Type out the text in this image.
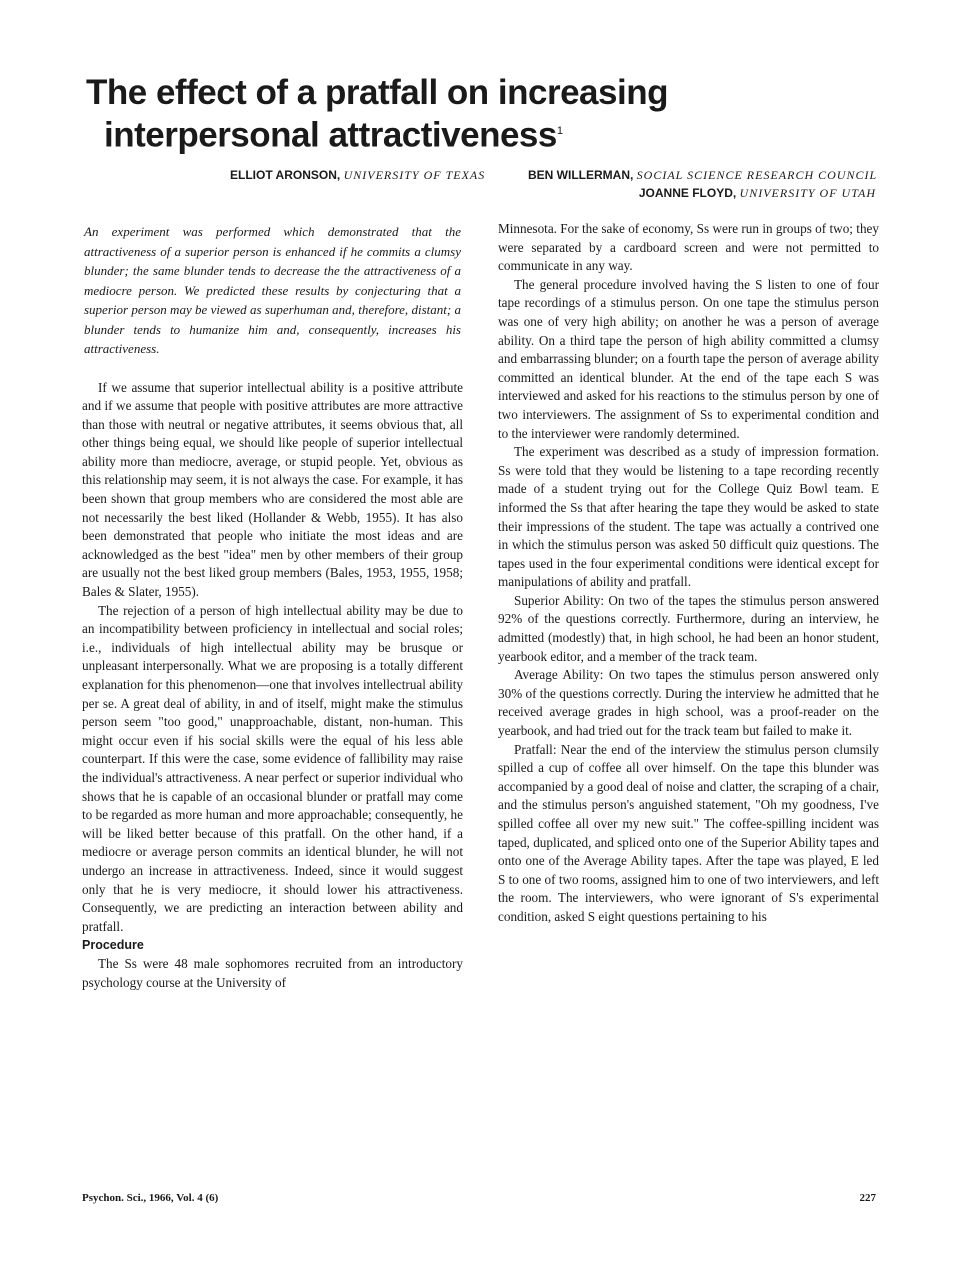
The effect of a pratfall on increasing
interpersonal attractiveness$^1$
ELLIOT ARONSON, UNIVERSITY OF TEXAS	BEN WILLERMAN, SOCIAL SCIENCE RESEARCH COUNCIL
JOANNE FLOYD, UNIVERSITY OF UTAH
An experiment was performed which demonstrated that the attractiveness of a superior person is enhanced if he commits a clumsy blunder; the same blunder tends to decrease the the attractiveness of a mediocre person. We predicted these results by conjecturing that a superior person may be viewed as superhuman and, therefore, distant; a blunder tends to humanize him and, consequently, increases his attractiveness.

If we assume that superior intellectual ability is a positive attribute and if we assume that people with positive attributes are more attractive than those with neutral or negative attributes, it seems obvious that, all other things being equal, we should like people of superior intellectual ability more than mediocre, average, or stupid people. Yet, obvious as this relationship may seem, it is not always the case. For example, it has been shown that group members who are considered the most able are not necessarily the best liked (Hollander & Webb, 1955). It has also been demonstrated that people who initiate the most ideas and are acknowledged as the best "idea" men by other members of their group are usually not the best liked group members (Bales, 1953, 1955, 1958; Bales & Slater, 1955).

The rejection of a person of high intellectual ability may be due to an incompatibility between proficiency in intellectual and social roles; i.e., individuals of high intellectual ability may be brusque or unpleasant interpersonally. What we are proposing is a totally different explanation for this phenomenon—one that involves intellectrual ability per se. A great deal of ability, in and of itself, might make the stimulus person seem "too good," unapproachable, distant, non-human. This might occur even if his social skills were the equal of his less able counterpart. If this were the case, some evidence of fallibility may raise the individual's attractiveness. A near perfect or superior individual who shows that he is capable of an occasional blunder or pratfall may come to be regarded as more human and more approachable; consequently, he will be liked better because of this pratfall. On the other hand, if a mediocre or average person commits an identical blunder, he will not undergo an increase in attractiveness. Indeed, since it would suggest only that he is very mediocre, it should lower his attractiveness. Consequently, we are predicting an interaction between ability and pratfall.

Procedure

The Ss were 48 male sophomores recruited from an introductory psychology course at the University of

Minnesota. For the sake of economy, Ss were run in groups of two; they were separated by a cardboard screen and were not permitted to communicate in any way.

The general procedure involved having the S listen to one of four tape recordings of a stimulus person. On one tape the stimulus person was one of very high ability; on another he was a person of average ability. On a third tape the person of high ability committed a clumsy and embarrassing blunder; on a fourth tape the person of average ability committed an identical blunder. At the end of the tape each S was interviewed and asked for his reactions to the stimulus person by one of two interviewers. The assignment of Ss to experimental condition and to the interviewer were randomly determined.

The experiment was described as a study of impression formation. Ss were told that they would be listening to a tape recording recently made of a student trying out for the College Quiz Bowl team. E informed the Ss that after hearing the tape they would be asked to state their impressions of the student. The tape was actually a contrived one in which the stimulus person was asked 50 difficult quiz questions. The tapes used in the four experimental conditions were identical except for manipulations of ability and pratfall.

Superior Ability: On two of the tapes the stimulus person answered 92% of the questions correctly. Furthermore, during an interview, he admitted (modestly) that, in high school, he had been an honor student, yearbook editor, and a member of the track team.

Average Ability: On two tapes the stimulus person answered only 30% of the questions correctly. During the interview he admitted that he received average grades in high school, was a proof-reader on the yearbook, and had tried out for the track team but failed to make it.

Pratfall: Near the end of the interview the stimulus person clumsily spilled a cup of coffee all over himself. On the tape this blunder was accompanied by a good deal of noise and clatter, the scraping of a chair, and the stimulus person's anguished statement, "Oh my goodness, I've spilled coffee all over my new suit." The coffee-spilling incident was taped, duplicated, and spliced onto one of the Superior Ability tapes and onto one of the Average Ability tapes. After the tape was played, E led S to one of two rooms, assigned him to one of two interviewers, and left the room. The interviewers, who were ignorant of S's experimental condition, asked S eight questions pertaining to his

Psychon. Sci., 1966, Vol. 4 (6)	227
